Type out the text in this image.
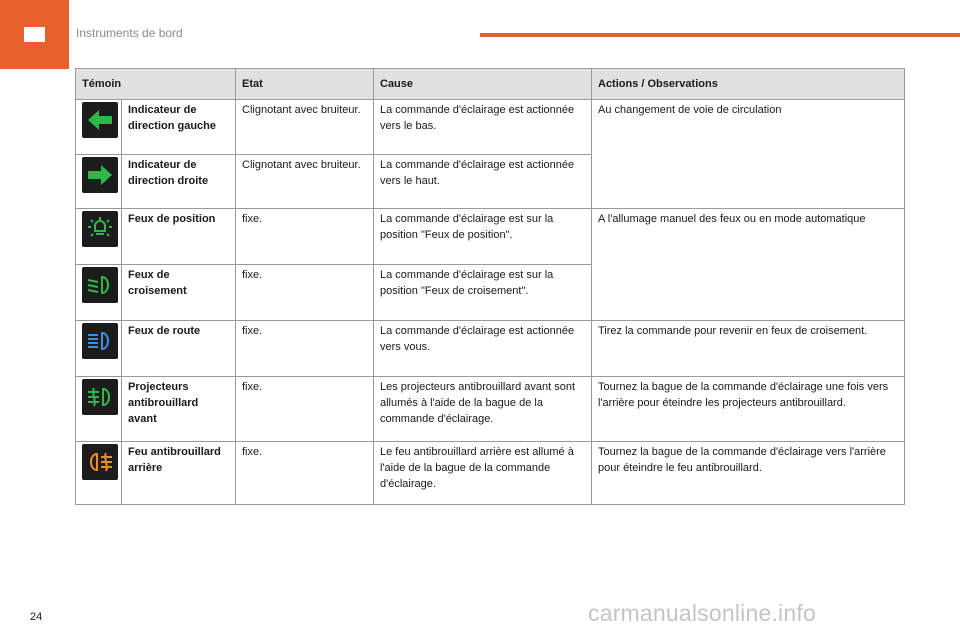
Instruments de bord
Témoin		Etat	Cause	Actions / Observations

	Indicateur de direction gauche	Clignotant avec bruiteur.	La commande d'éclairage est actionnée vers le bas.	Au changement de voie de circulation

	Indicateur de direction droite	Clignotant avec bruiteur.	La commande d'éclairage est actionnée vers le haut.	

	Feux de position	fixe.	La commande d'éclairage est sur la position "Feux de position".	A l'allumage manuel des feux ou en mode automatique

	Feux de croisement	fixe.	La commande d'éclairage est sur la position "Feux de croisement".	

	Feux de route	fixe.	La commande d'éclairage est actionnée vers vous.	Tirez la commande pour revenir en feux de croisement.

	Projecteurs antibrouillard avant	fixe.	Les projecteurs antibrouillard avant sont allumés à l'aide de la bague de la commande d'éclairage.	Tournez la bague de la commande d'éclairage une fois vers l'arrière pour éteindre les projecteurs antibrouillard.

	Feu antibrouillard arrière	fixe.	Le feu antibrouillard arrière est allumé à l'aide de la bague de la commande d'éclairage.	Tournez la bague de la commande d'éclairage vers l'arrière pour éteindre le feu antibrouillard.
24	carmanualsonline.info
